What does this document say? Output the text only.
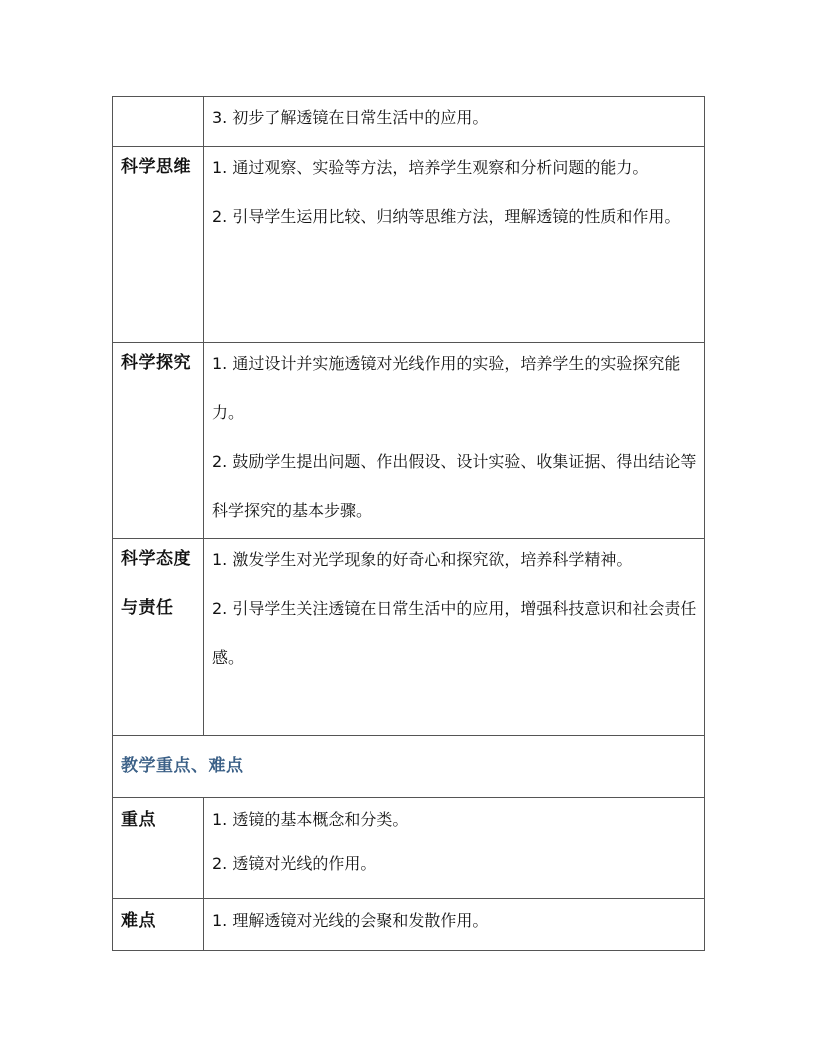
	3. 初步了解透镜在日常生活中的应用。

科学思维	1. 通过观察、实验等方法，培养学生观察和分析问题的能力。
2. 引导学生运用比较、归纳等思维方法，理解透镜的性质和作用。

科学探究	1. 通过设计并实施透镜对光线作用的实验，培养学生的实验探究能力。
2. 鼓励学生提出问题、作出假设、设计实验、收集证据、得出结论等科学探究的基本步骤。

科学态度与责任	1. 激发学生对光学现象的好奇心和探究欲，培养科学精神。
2. 引导学生关注透镜在日常生活中的应用，增强科技意识和社会责任感。

教学重点、难点	

重点	1. 透镜的基本概念和分类。
2. 透镜对光线的作用。

难点	1. 理解透镜对光线的会聚和发散作用。
